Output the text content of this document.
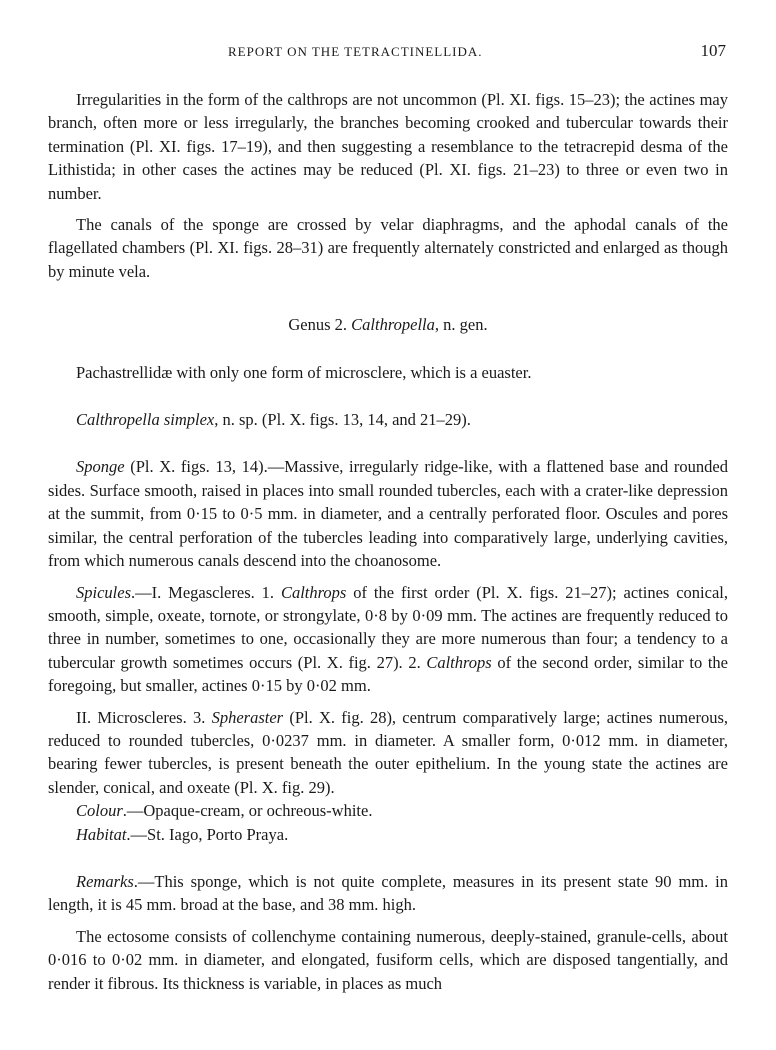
REPORT ON THE TETRACTINELLIDA.	107

Irregularities in the form of the calthrops are not uncommon (Pl. XI. figs. 15–23); the actines may branch, often more or less irregularly, the branches becoming crooked and tubercular towards their termination (Pl. XI. figs. 17–19), and then suggesting a resemblance to the tetracrepid desma of the Lithistida; in other cases the actines may be reduced (Pl. XI. figs. 21–23) to three or even two in number.

The canals of the sponge are crossed by velar diaphragms, and the aphodal canals of the flagellated chambers (Pl. XI. figs. 28–31) are frequently alternately constricted and enlarged as though by minute vela.

Genus 2. Calthropella, n. gen.

Pachastrellidæ with only one form of microsclere, which is a euaster.

Calthropella simplex, n. sp. (Pl. X. figs. 13, 14, and 21–29).

Sponge (Pl. X. figs. 13, 14).—Massive, irregularly ridge-like, with a flattened base and rounded sides. Surface smooth, raised in places into small rounded tubercles, each with a crater-like depression at the summit, from 0·15 to 0·5 mm. in diameter, and a centrally perforated floor. Oscules and pores similar, the central perforation of the tubercles leading into comparatively large, underlying cavities, from which numerous canals descend into the choanosome.

Spicules.—I. Megascleres. 1. Calthrops of the first order (Pl. X. figs. 21–27); actines conical, smooth, simple, oxeate, tornote, or strongylate, 0·8 by 0·09 mm. The actines are frequently reduced to three in number, sometimes to one, occasionally they are more numerous than four; a tendency to a tubercular growth sometimes occurs (Pl. X. fig. 27). 2. Calthrops of the second order, similar to the foregoing, but smaller, actines 0·15 by 0·02 mm.

II. Microscleres. 3. Spheraster (Pl. X. fig. 28), centrum comparatively large; actines numerous, reduced to rounded tubercles, 0·0237 mm. in diameter. A smaller form, 0·012 mm. in diameter, bearing fewer tubercles, is present beneath the outer epithelium. In the young state the actines are slender, conical, and oxeate (Pl. X. fig. 29).

Colour.—Opaque-cream, or ochreous-white.

Habitat.—St. Iago, Porto Praya.

Remarks.—This sponge, which is not quite complete, measures in its present state 90 mm. in length, it is 45 mm. broad at the base, and 38 mm. high.

The ectosome consists of collenchyme containing numerous, deeply-stained, granule-cells, about 0·016 to 0·02 mm. in diameter, and elongated, fusiform cells, which are disposed tangentially, and render it fibrous. Its thickness is variable, in places as much
